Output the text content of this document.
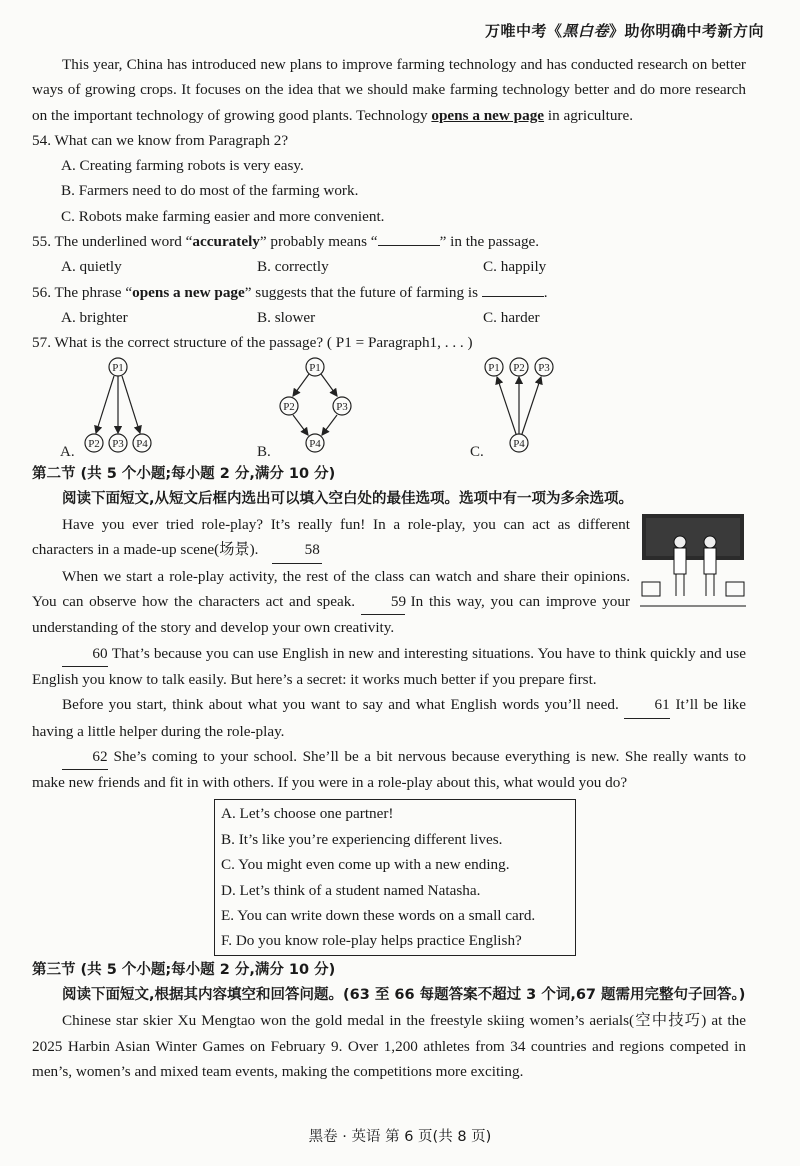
万唯中考《黑白卷》助你明确中考新方向

This year, China has introduced new plans to improve farming technology and has conducted research on better ways of growing crops. It focuses on the idea that we should make farming technology better and do more research on the important technology of growing good plants. Technology opens a new page in agriculture.

54. What can we know from Paragraph 2?

A. Creating farming robots is very easy.

B. Farmers need to do most of the farming work.

C. Robots make farming easier and more convenient.

55. The underlined word “accurately” probably means “	” in the passage.

A. quietly	B. correctly	C. happily

56. The phrase “opens a new page” suggests that the future of farming is	.

A. brighter	B. slower	C. harder

57. What is the correct structure of the passage? ( P1 = Paragraph1, . . . )

A.
P1
P2 P3 P4	B.
P1
P2	P3
P4	C.
P1 P2 P3
P4

第二节 (共 5 个小题;每小题 2 分,满分 10 分)

阅读下面短文,从短文后框内选出可以填入空白处的最佳选项。选项中有一项为多余选项。

Have you ever tried role-play? It’s really fun! In a role-play, you can act as different characters in a made-up scene(场景).	58

When we start a role-play activity, the rest of the class can watch and share their opinions. You can observe how the characters act and speak. 59 In this way, you can improve your understanding of the story and develop your own creativity.

60 That’s because you can use English in new and interesting situations. You have to think quickly and use English you know to talk easily. But here’s a secret: it works much better if you prepare first.

Before you start, think about what you want to say and what English words you’ll need. 61 It’ll be like having a little helper during the role-play.

62 She’s coming to your school. She’ll be a bit nervous because everything is new. She really wants to make new friends and fit in with others. If you were in a role-play about this, what would you do?

A. Let’s choose one partner!
B. It’s like you’re experiencing different lives.
C. You might even come up with a new ending.
D. Let’s think of a student named Natasha.
E. You can write down these words on a small card.
F. Do you know role-play helps practice English?

第三节 (共 5 个小题;每小题 2 分,满分 10 分)

阅读下面短文,根据其内容填空和回答问题。(63 至 66 每题答案不超过 3 个词,67 题需用完整句子回答。)

Chinese star skier Xu Mengtao won the gold medal in the freestyle skiing women’s aerials(空中技巧) at the 2025 Harbin Asian Winter Games on February 9. Over 1,200 athletes from 34 countries and regions competed in men’s, women’s and mixed team events, making the competitions more exciting.

黑卷 · 英语 第 6 页(共 8 页)
